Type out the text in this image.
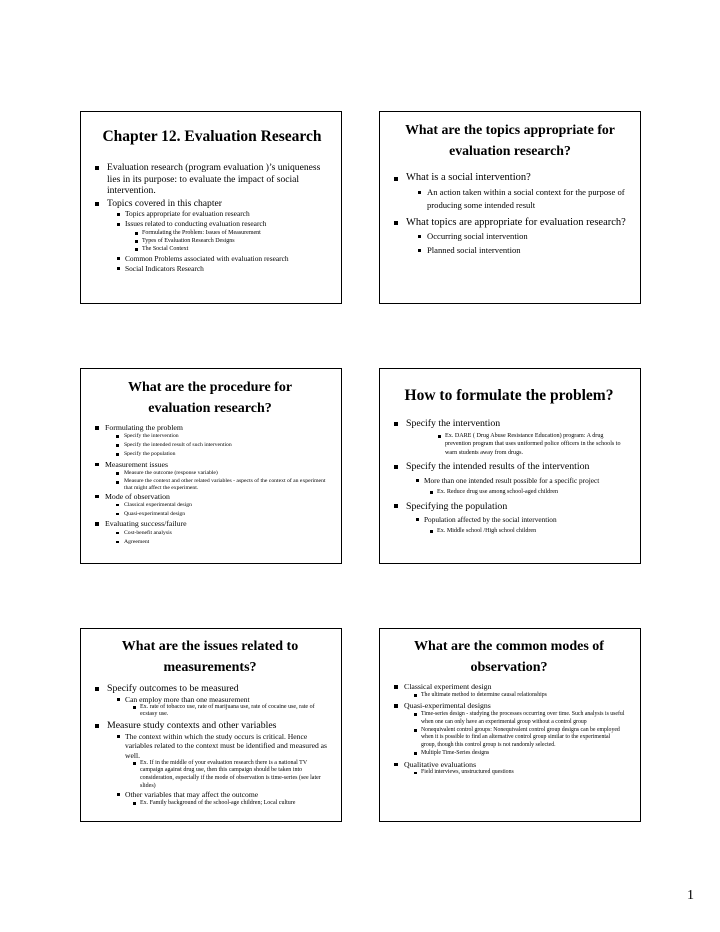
Chapter 12. Evaluation Research
Evaluation research (program evaluation )’s uniqueness lies in its purpose: to evaluate the impact of social intervention.
Topics covered in this chapter
Topics appropriate for evaluation research
Issues related to conducting evaluation research
Formulating the Problem: Issues of Measurement
Types of Evaluation Research Designs
The Social Context
Common Problems associated with evaluation research
Social Indicators Research
What are the topics appropriate for evaluation research?
What is a social intervention?
An action taken within a social context for the purpose of producing some intended result
What topics are appropriate for evaluation research?
Occurring social intervention
Planned social intervention
What are the procedure for evaluation research?
Formulating the problem
Specify the intervention
Specify the intended result of such intervention
Specify the population
Measurement issues
Measure the outcome (response variable)
Measure the context and other related variables - aspects of the context of an experiment that might affect the experiment.
Mode of observation
Classical experimental design
Quasi-experimental design
Evaluating success/failure
Cost-benefit analysis
Agreement
How to formulate the problem?
Specify the intervention
Ex. DARE ( Drug Abuse Resistance Education) program: A drug prevention program that uses uniformed police officers in the schools to warn students away from drugs.
Specify the intended results of the intervention
More than one intended result possible for a specific project
Ex. Reduce drug use among school-aged children
Specifying the population
Population affected by the social intervention
Ex. Middle school /High school children
What are the issues related to measurements?
Specify outcomes to be measured
Can employ more than one measurement
Ex. rate of tobacco use, rate of marijuana use, rate of cocaine use, rate of ecstasy use.
Measure study contexts and other variables
The context within which the study occurs is critical. Hence variables related to the context must be identified and measured as well.
Ex. If in the middle of your evaluation research there is a national TV campaign against drug use, then this campaign should be taken into consideration, especially if the mode of observation is time-series (see later slides)
Other variables that may affect the outcome
Ex. Family background of the school-age children; Local culture
What are the common modes of observation?
Classical experiment design
The ultimate method to determine causal relationships
Quasi-experimental designs
Time-series design - studying the processes occurring over time. Such analysis is useful when one can only have an experimental group without a control group
Nonequivalent control groups: Nonequivalent control group designs can be employed when it is possible to find an alternative control group similar to the experimental group, though this control group is not randomly selected.
Multiple Time-Series designs
Qualitative evaluations
Field interviews, unstructured questions
1
